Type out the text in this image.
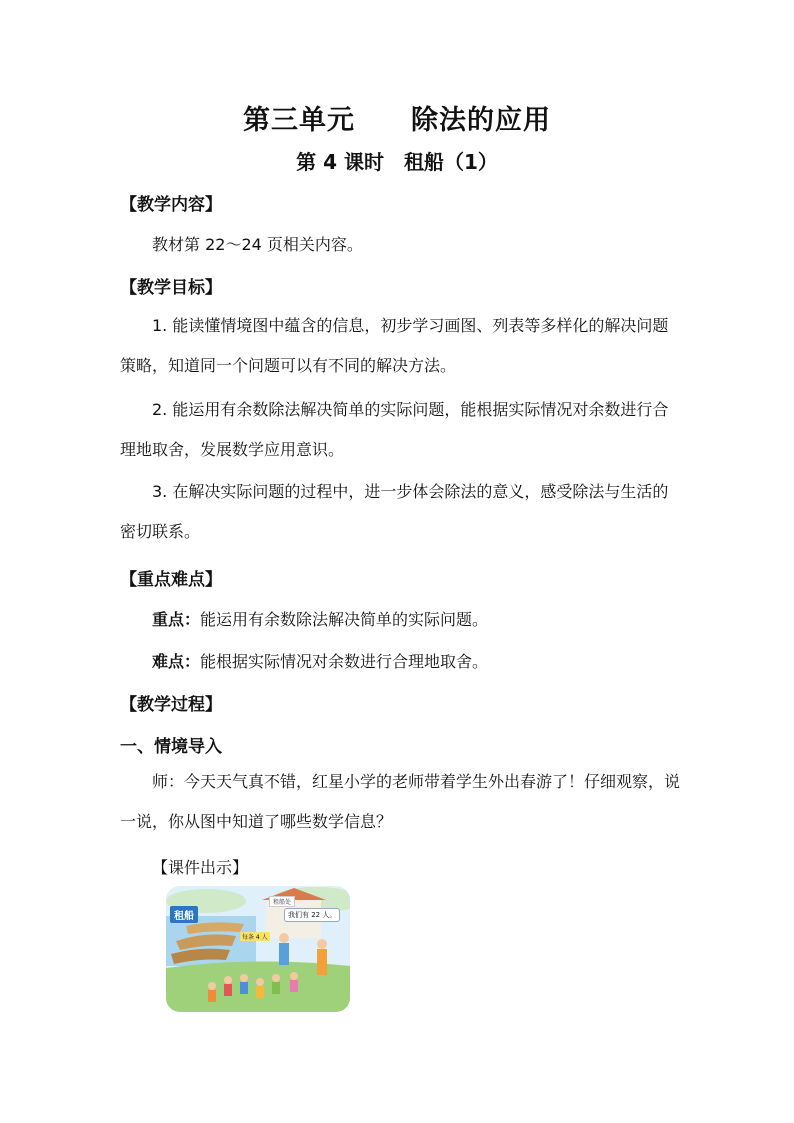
第三单元　　除法的应用
第 4 课时　租船（1）
【教学内容】
教材第 22～24 页相关内容。
【教学目标】
1. 能读懂情境图中蕴含的信息，初步学习画图、列表等多样化的解决问题策略，知道同一个问题可以有不同的解决方法。
2. 能运用有余数除法解决简单的实际问题，能根据实际情况对余数进行合理地取舍，发展数学应用意识。
3. 在解决实际问题的过程中，进一步体会除法的意义，感受除法与生活的密切联系。
【重点难点】
重点：能运用有余数除法解决简单的实际问题。
难点：能根据实际情况对余数进行合理地取舍。
【教学过程】
一、情境导入
师：今天天气真不错，红星小学的老师带着学生外出春游了！仔细观察，说一说，你从图中知道了哪些数学信息？
【课件出示】
租船
租船处
每条 4 人
我们有 22 人。
